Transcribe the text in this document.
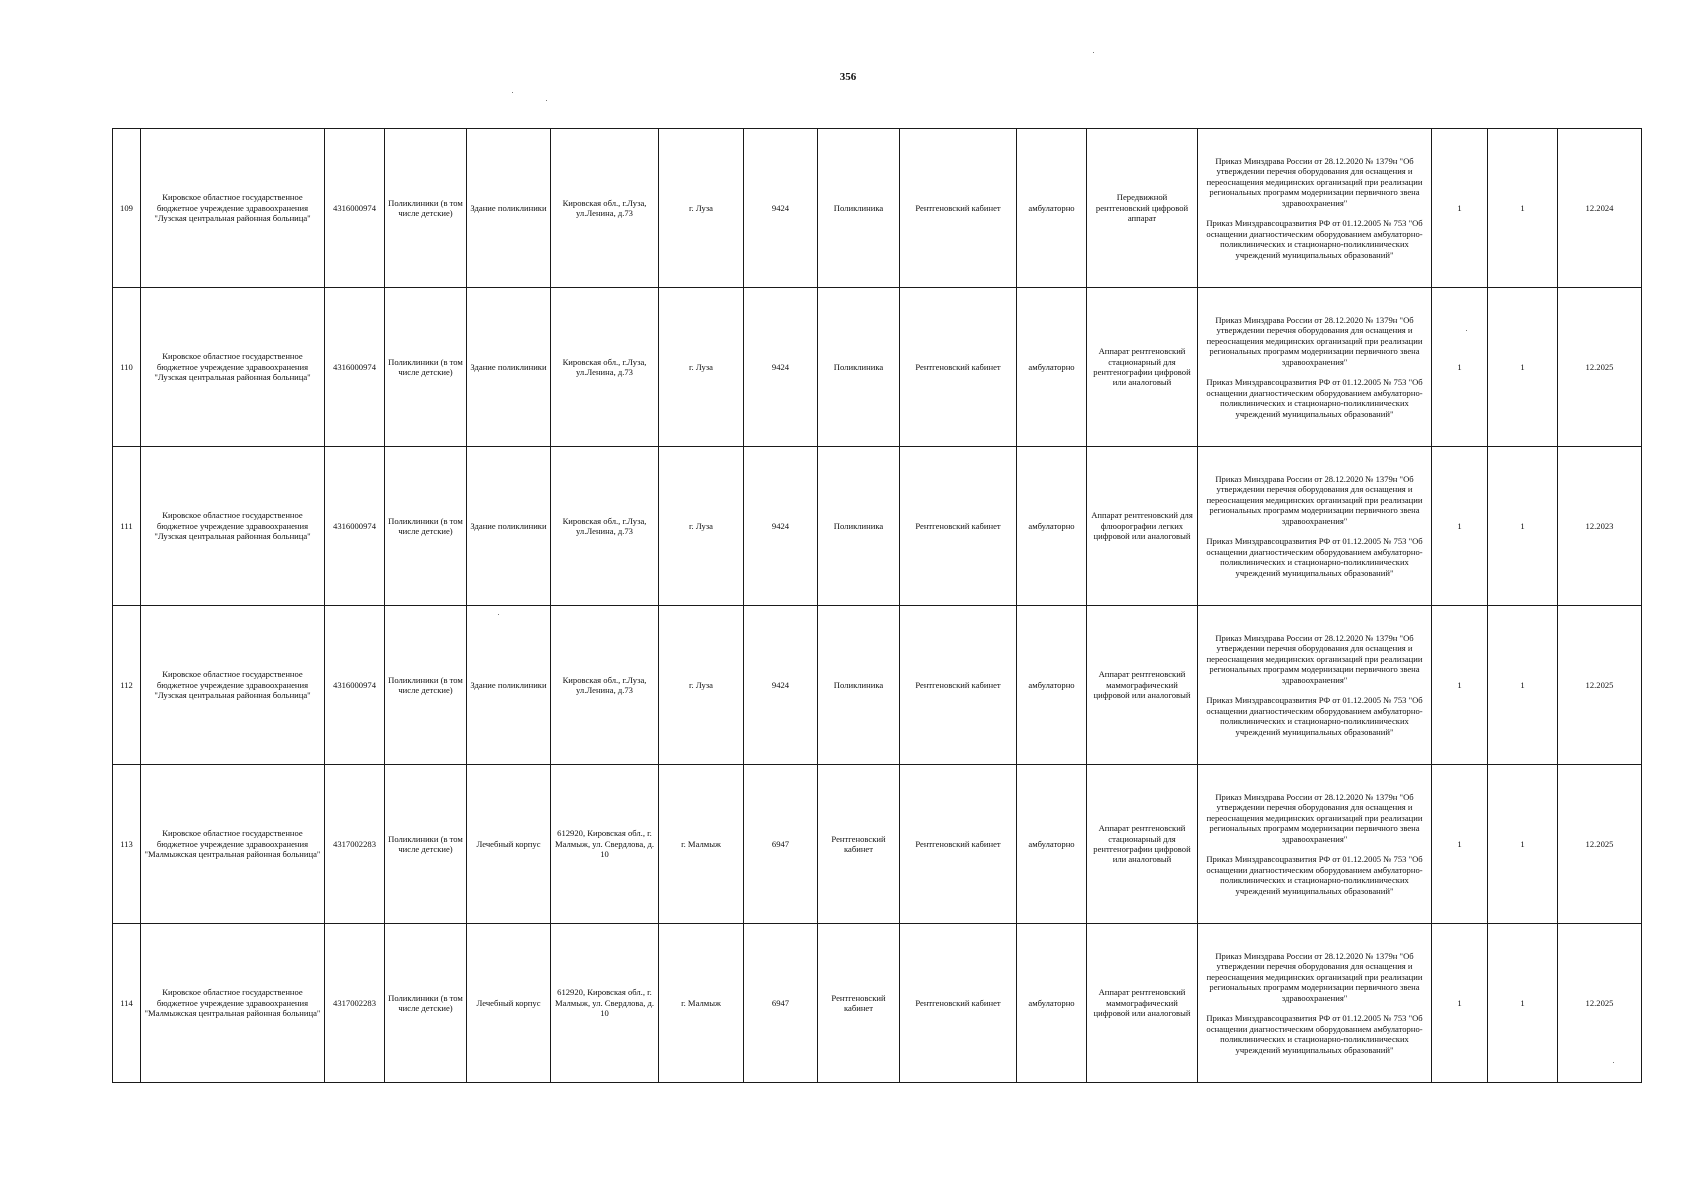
356
109	Кировское областное государственное бюджетное учреждение здравоохранения "Лузская центральная районная больница"	4316000974	Поликлиники (в том числе детские)	Здание поликлиники	Кировская обл., г.Луза, ул.Ленина, д.73	г. Луза	9424	Поликлиника	Рентгеновский кабинет	амбулаторно	Передвижной рентгеновский цифровой аппарат	Приказ Минздрава России от 28.12.2020 № 1379н "Об утверждении перечня оборудования для оснащения и переоснащения медицинских организаций при реализации региональных программ модернизации первичного звена здравоохранения"
Приказ Минздравсоцразвития РФ от 01.12.2005 № 753 "Об оснащении диагностическим оборудованием амбулаторно-поликлинических и стационарно-поликлинических учреждений муниципальных образований"	1	1	12.2024
110	Кировское областное государственное бюджетное учреждение здравоохранения "Лузская центральная районная больница"	4316000974	Поликлиники (в том числе детские)	Здание поликлиники	Кировская обл., г.Луза, ул.Ленина, д.73	г. Луза	9424	Поликлиника	Рентгеновский кабинет	амбулаторно	Аппарат рентгеновский стационарный для рентгенографии цифровой или аналоговый	Приказ Минздрава России от 28.12.2020 № 1379н "Об утверждении перечня оборудования для оснащения и переоснащения медицинских организаций при реализации региональных программ модернизации первичного звена здравоохранения"
Приказ Минздравсоцразвития РФ от 01.12.2005 № 753 "Об оснащении диагностическим оборудованием амбулаторно-поликлинических и стационарно-поликлинических учреждений муниципальных образований"	1	1	12.2025
111	Кировское областное государственное бюджетное учреждение здравоохранения "Лузская центральная районная больница"	4316000974	Поликлиники (в том числе детские)	Здание поликлиники	Кировская обл., г.Луза, ул.Ленина, д.73	г. Луза	9424	Поликлиника	Рентгеновский кабинет	амбулаторно	Аппарат рентгеновский для флюорографии легких цифровой или аналоговый	Приказ Минздрава России от 28.12.2020 № 1379н "Об утверждении перечня оборудования для оснащения и переоснащения медицинских организаций при реализации региональных программ модернизации первичного звена здравоохранения"
Приказ Минздравсоцразвития РФ от 01.12.2005 № 753 "Об оснащении диагностическим оборудованием амбулаторно-поликлинических и стационарно-поликлинических учреждений муниципальных образований"	1	1	12.2023
112	Кировское областное государственное бюджетное учреждение здравоохранения "Лузская центральная районная больница"	4316000974	Поликлиники (в том числе детские)	Здание поликлиники	Кировская обл., г.Луза, ул.Ленина, д.73	г. Луза	9424	Поликлиника	Рентгеновский кабинет	амбулаторно	Аппарат рентгеновский маммографический цифровой или аналоговый	Приказ Минздрава России от 28.12.2020 № 1379н "Об утверждении перечня оборудования для оснащения и переоснащения медицинских организаций при реализации региональных программ модернизации первичного звена здравоохранения"
Приказ Минздравсоцразвития РФ от 01.12.2005 № 753 "Об оснащении диагностическим оборудованием амбулаторно-поликлинических и стационарно-поликлинических учреждений муниципальных образований"	1	1	12.2025
113	Кировское областное государственное бюджетное учреждение здравоохранения "Малмыжская центральная районная больница"	4317002283	Поликлиники (в том числе детские)	Лечебный корпус	612920, Кировская обл., г. Малмыж, ул. Свердлова, д. 10	г. Малмыж	6947	Рентгеновский кабинет	Рентгеновский кабинет	амбулаторно	Аппарат рентгеновский стационарный для рентгенографии цифровой или аналоговый	Приказ Минздрава России от 28.12.2020 № 1379н "Об утверждении перечня оборудования для оснащения и переоснащения медицинских организаций при реализации региональных программ модернизации первичного звена здравоохранения"
Приказ Минздравсоцразвития РФ от 01.12.2005 № 753 "Об оснащении диагностическим оборудованием амбулаторно-поликлинических и стационарно-поликлинических учреждений муниципальных образований"	1	1	12.2025
114	Кировское областное государственное бюджетное учреждение здравоохранения "Малмыжская центральная районная больница"	4317002283	Поликлиники (в том числе детские)	Лечебный корпус	612920, Кировская обл., г. Малмыж, ул. Свердлова, д. 10	г. Малмыж	6947	Рентгеновский кабинет	Рентгеновский кабинет	амбулаторно	Аппарат рентгеновский маммографический цифровой или аналоговый	Приказ Минздрава России от 28.12.2020 № 1379н "Об утверждении перечня оборудования для оснащения и переоснащения медицинских организаций при реализации региональных программ модернизации первичного звена здравоохранения"
Приказ Минздравсоцразвития РФ от 01.12.2005 № 753 "Об оснащении диагностическим оборудованием амбулаторно-поликлинических и стационарно-поликлинических учреждений муниципальных образований"	1	1	12.2025
